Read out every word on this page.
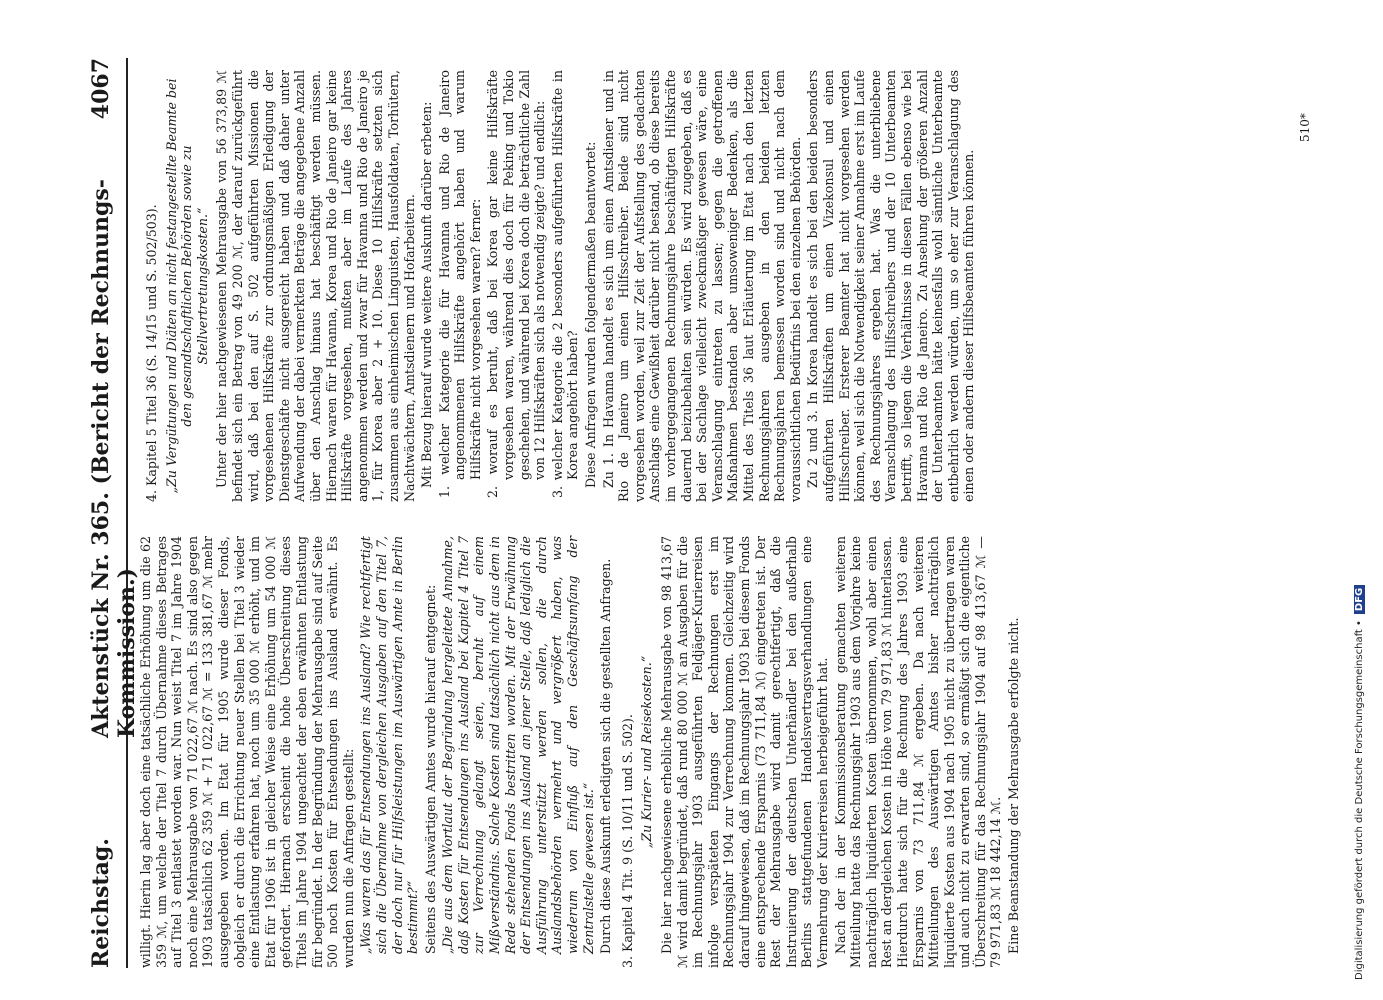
Reichstag.
Aktenstück Nr. 365. (Bericht der Rechnungs-Kommission.)
4067

willigt. Hierin lag aber doch eine tatsächliche Erhöhung um die 62 359 ℳ, um welche der Titel 7 durch Übernahme dieses Betrages auf Titel 3 entlastet worden war. Nun weist Titel 7 im Jahre 1904 noch eine Mehrausgabe von 71 022,67 ℳ nach. Es sind also gegen 1903 tatsächlich 62 359 ℳ + 71 022,67 ℳ = 133 381,67 ℳ mehr ausgegeben worden. Im Etat für 1905 wurde dieser Fonds, obgleich er durch die Errichtung neuer Stellen bei Titel 3 wieder eine Entlastung erfahren hat, noch um 35 000 ℳ erhöht, und im Etat für 1906 ist in gleicher Weise eine Erhöhung um 54 000 ℳ gefordert. Hiernach erscheint die hohe Überschreitung dieses Titels im Jahre 1904 ungeachtet der eben erwähnten Entlastung für begründet. In der Begründung der Mehrausgabe sind auf Seite 500 noch Kosten für Entsendungen ins Ausland erwähnt. Es wurden nun die Anfragen gestellt: „Was waren das für Entsendungen ins Ausland? Wie rechtfertigt sich die Übernahme von dergleichen Ausgaben auf den Titel 7, der doch nur für Hilfsleistungen im Auswärtigen Amte in Berlin bestimmt?“ Seitens des Auswärtigen Amtes wurde hierauf entgegnet: „Die aus dem Wortlaut der Begründung hergeleitete Annahme, daß Kosten für Entsendungen ins Ausland bei Kapitel 4 Titel 7 zur Verrechnung gelangt seien, beruht auf einem Mißverständnis. Solche Kosten sind tatsächlich nicht aus dem in Rede stehenden Fonds bestritten worden. Mit der Erwähnung der Entsendungen ins Ausland an jener Stelle, daß lediglich die Ausführung unterstützt werden sollen, die durch Auslandsbehörden vermehrt und vergrößert haben, was wiederum von Einfluß auf den Geschäftsumfang der Zentralstelle gewesen ist.“ Durch diese Auskunft erledigten sich die gestellten Anfragen. 3. Kapitel 4 Tit. 9 (S. 10/11 und S. 502). „Zu Kurier- und Reisekosten.“ Die hier nachgewiesene erhebliche Mehrausgabe von 98 413,67 ℳ wird damit begründet, daß rund 80 000 ℳ an Ausgaben für die im Rechnungsjahr 1903 ausgeführten Feldjäger-Kurierreisen infolge verspäteten Eingangs der Rechnungen erst im Rechnungsjahr 1904 zur Verrechnung kommen. Gleichzeitig wird darauf hingewiesen, daß im Rechnungsjahr 1903 bei diesem Fonds eine entsprechende Ersparnis (73 711,84 ℳ) eingetreten ist. Der Rest der Mehrausgabe wird damit gerechtfertigt, daß die Instruierung der deutschen Unterhändler bei den außerhalb Berlins stattgefundenen Handelsvertragsverhandlungen eine Vermehrung der Kurierreisen herbeigeführt hat. Nach der in der Kommissionsberatung gemachten weiteren Mitteilung hatte das Rechnungsjahr 1903 aus dem Vorjahre keine nachträglich liquidierten Kosten übernommen, wohl aber einen Rest an dergleichen Kosten in Höhe von 79 971,83 ℳ hinterlassen. Hierdurch hatte sich für die Rechnung des Jahres 1903 eine Ersparnis von 73 711,84 ℳ ergeben. Da nach weiteren Mitteilungen des Auswärtigen Amtes bisher nachträglich liquidierte Kosten aus 1904 nach 1905 nicht zu übertragen waren und auch nicht zu erwarten sind, so ermäßigt sich die eigentliche Überschreitung für das Rechnungsjahr 1904 auf 98 413,67 ℳ — 79 971,83 ℳ 18 442,14 ℳ. Eine Beanstandung der Mehrausgabe erfolgte nicht.

4. Kapitel 5 Titel 36 (S. 14/15 und S. 502/503). „Zu Vergütungen und Diäten an nicht festangestellte Beamte bei den gesandtschaftlichen Behörden sowie zu Stellvertretungskosten.“ Unter der hier nachgewiesenen Mehrausgabe von 56 373,89 ℳ befindet sich ein Betrag von 49 200 ℳ, der darauf zurückgeführt wird, daß bei den auf S. 502 aufgeführten Missionen die vorgesehenen Hilfskräfte zur ordnungsmäßigen Erledigung der Dienstgeschäfte nicht ausgereicht haben und daß daher unter Aufwendung der dabei vermerkten Beträge die angegebene Anzahl über den Anschlag hinaus hat beschäftigt werden müssen. Hiernach waren für Havanna, Korea und Rio de Janeiro gar keine Hilfskräfte vorgesehen, mußten aber im Laufe des Jahres angenommen werden und zwar für Havanna und Rio de Janeiro je 1, für Korea aber 2 + 10. Diese 10 Hilfskräfte setzten sich zusammen aus einheimischen Linguisten, Hausfoldaten, Torhütern, Nachtwächtern, Amtsdienern und Hofarbeitern. Mit Bezug hierauf wurde weitere Auskunft darüber erbeten: 1. welcher Kategorie die für Havanna und Rio de Janeiro angenommenen Hilfskräfte angehört haben und warum Hilfskräfte nicht vorgesehen waren? ferner: 2. worauf es beruht, daß bei Korea gar keine Hilfskräfte vorgesehen waren, während dies doch für Peking und Tokio geschehen, und während bei Korea doch die beträchtliche Zahl von 12 Hilfskräften sich als notwendig zeigte? und endlich: 3. welcher Kategorie die 2 besonders aufgeführten Hilfskräfte in Korea angehört haben? Diese Anfragen wurden folgendermaßen beantwortet: Zu 1. In Havanna handelt es sich um einen Amtsdiener und in Rio de Janeiro um einen Hilfsschreiber. Beide sind nicht vorgesehen worden, weil zur Zeit der Aufstellung des gedachten Anschlags eine Gewißheit darüber nicht bestand, ob diese bereits im vorhergegangenen Rechnungsjahre beschäftigten Hilfskräfte dauernd beizubehalten sein würden. Es wird zugegeben, daß es bei der Sachlage vielleicht zweckmäßiger gewesen wäre, eine Veranschlagung eintreten zu lassen; gegen die getroffenen Maßnahmen bestanden aber umsoweniger Bedenken, als die Mittel des Titels 36 laut Erläuterung im Etat nach den letzten Rechnungsjahren ausgeben in den beiden letzten Rechnungsjahren bemessen worden sind und nicht nach dem voraussichtlichen Bedürfnis bei den einzelnen Behörden. Zu 2 und 3. In Korea handelt es sich bei den beiden besonders aufgeführten Hilfskräften um einen Vizekonsul und einen Hilfsschreiber. Ersterer Beamter hat nicht vorgesehen werden können, weil sich die Notwendigkeit seiner Annahme erst im Laufe des Rechnungsjahres ergeben hat. Was die unterbliebene Veranschlagung des Hilfsschreibers und der 10 Unterbeamten betrifft, so liegen die Verhältnisse in diesen Fällen ebenso wie bei Havanna und Rio de Janeiro. Zu Ansehung der größeren Anzahl der Unterbeamten hätte keinesfalls wohl sämtliche Unterbeamte entbehrlich werden würden, um so eher zur Veranschlagung des einen oder andern dieser Hilfsbeamten führen können.

510*
Digitalisierung gefördert durch die Deutsche Forschungsgemeinschaft •DFG
